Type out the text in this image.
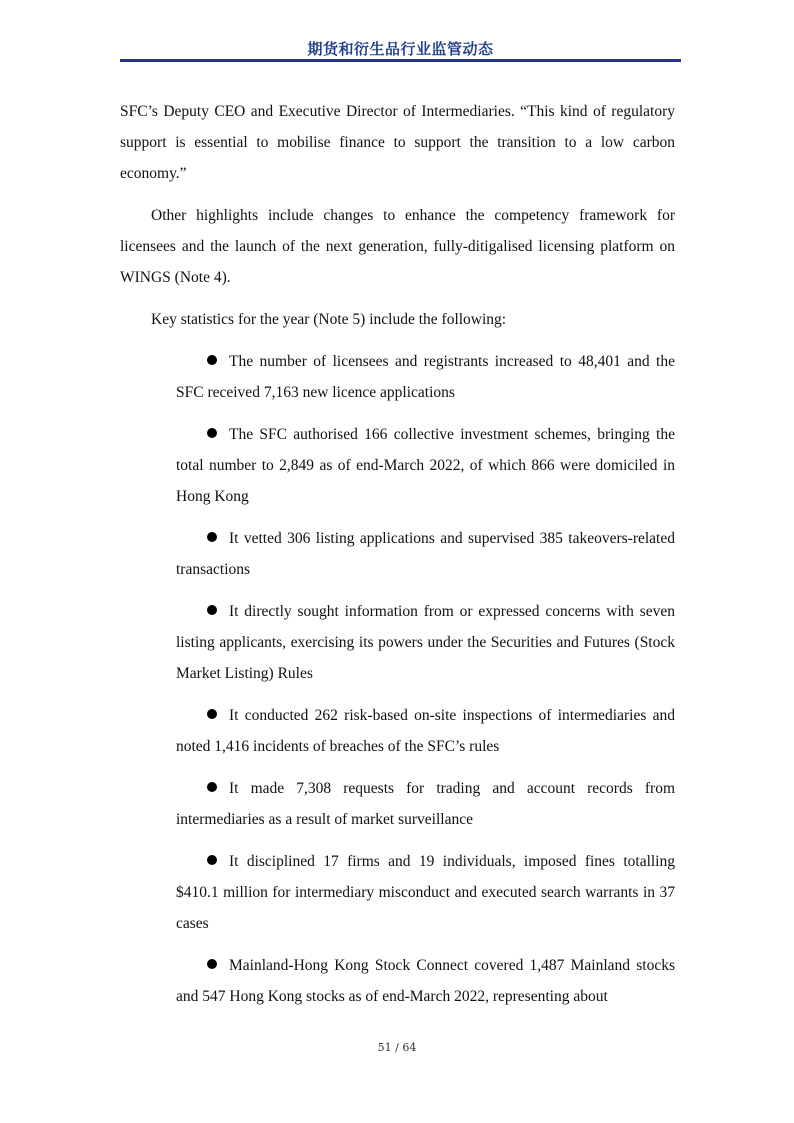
期货和衍生品行业监管动态

SFC’s Deputy CEO and Executive Director of Intermediaries. “This kind of regulatory support is essential to mobilise finance to support the transition to a low carbon economy.”

Other highlights include changes to enhance the competency framework for licensees and the launch of the next generation, fully-ditigalised licensing platform on WINGS (Note 4).

Key statistics for the year (Note 5) include the following:

The number of licensees and registrants increased to 48,401 and the SFC received 7,163 new licence applications

The SFC authorised 166 collective investment schemes, bringing the total number to 2,849 as of end-March 2022, of which 866 were domiciled in Hong Kong

It vetted 306 listing applications and supervised 385 takeovers-related transactions

It directly sought information from or expressed concerns with seven listing applicants, exercising its powers under the Securities and Futures (Stock Market Listing) Rules

It conducted 262 risk-based on-site inspections of intermediaries and noted 1,416 incidents of breaches of the SFC’s rules

It made 7,308 requests for trading and account records from intermediaries as a result of market surveillance

It disciplined 17 firms and 19 individuals, imposed fines totalling $410.1 million for intermediary misconduct and executed search warrants in 37 cases

Mainland-Hong Kong Stock Connect covered 1,487 Mainland stocks and 547 Hong Kong stocks as of end-March 2022, representing about

51 / 64
